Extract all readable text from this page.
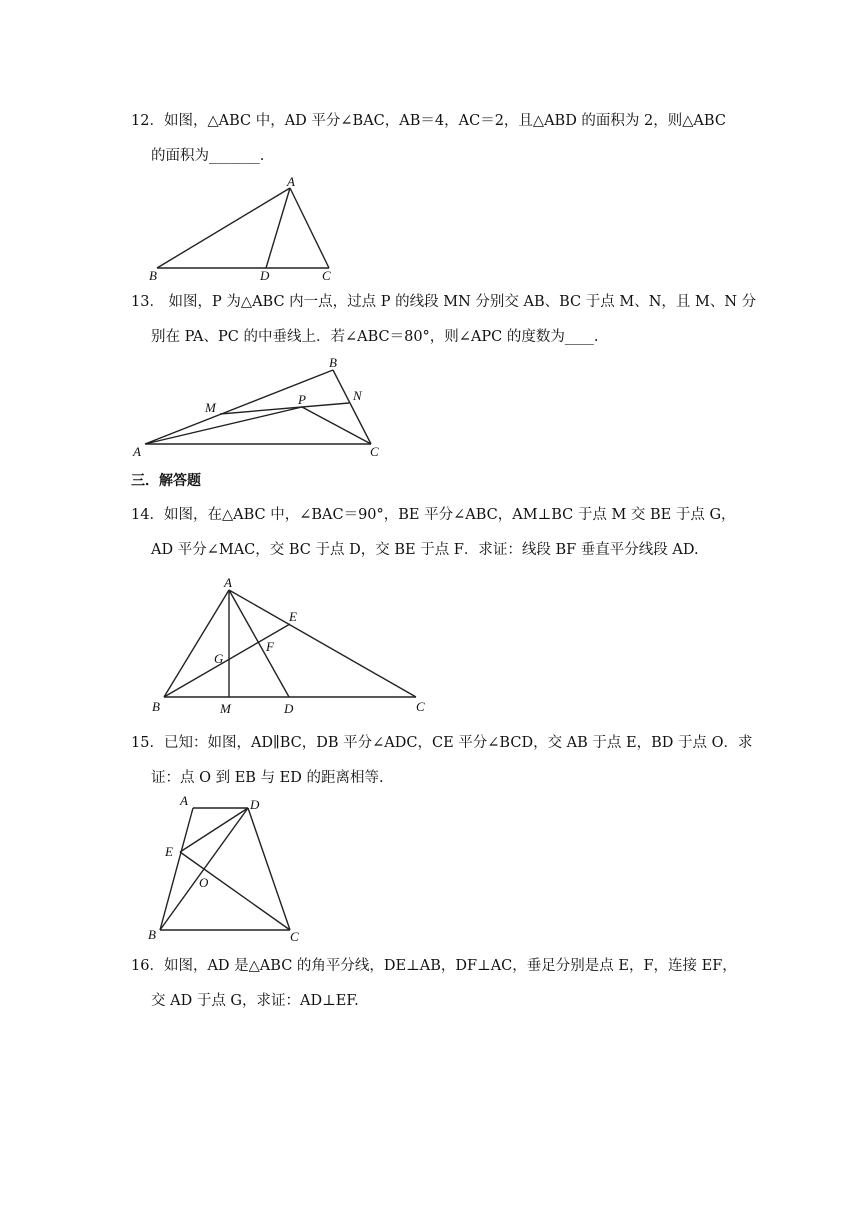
12．如图，△ABC 中，AD 平分∠BAC，AB＝4，AC＝2，且△ABD 的面积为 2，则△ABC
的面积为_______.
A
B	D	C
13． 如图，P 为△ABC 内一点，过点 P 的线段 MN 分别交 AB、BC 于点 M、N，且 M、N 分
别在 PA、PC 的中垂线上．若∠ABC＝80°，则∠APC 的度数为____.
B
M
P	N
A	C
三．解答题
14．如图，在△ABC 中，∠BAC＝90°，BE 平分∠ABC，AM⊥BC 于点 M 交 BE 于点 G，
AD 平分∠MAC，交 BC 于点 D，交 BE 于点 F．求证：线段 BF 垂直平分线段 AD.
A
E
F
G
B	M	D	C
15．已知：如图，AD∥BC，DB 平分∠ADC，CE 平分∠BCD，交 AB 于点 E，BD 于点 O．求
证：点 O 到 EB 与 ED 的距离相等.
A	D
E
O
B	C
16．如图，AD 是△ABC 的角平分线，DE⊥AB，DF⊥AC，垂足分别是点 E，F，连接 EF，
交 AD 于点 G，求证：AD⊥EF.
